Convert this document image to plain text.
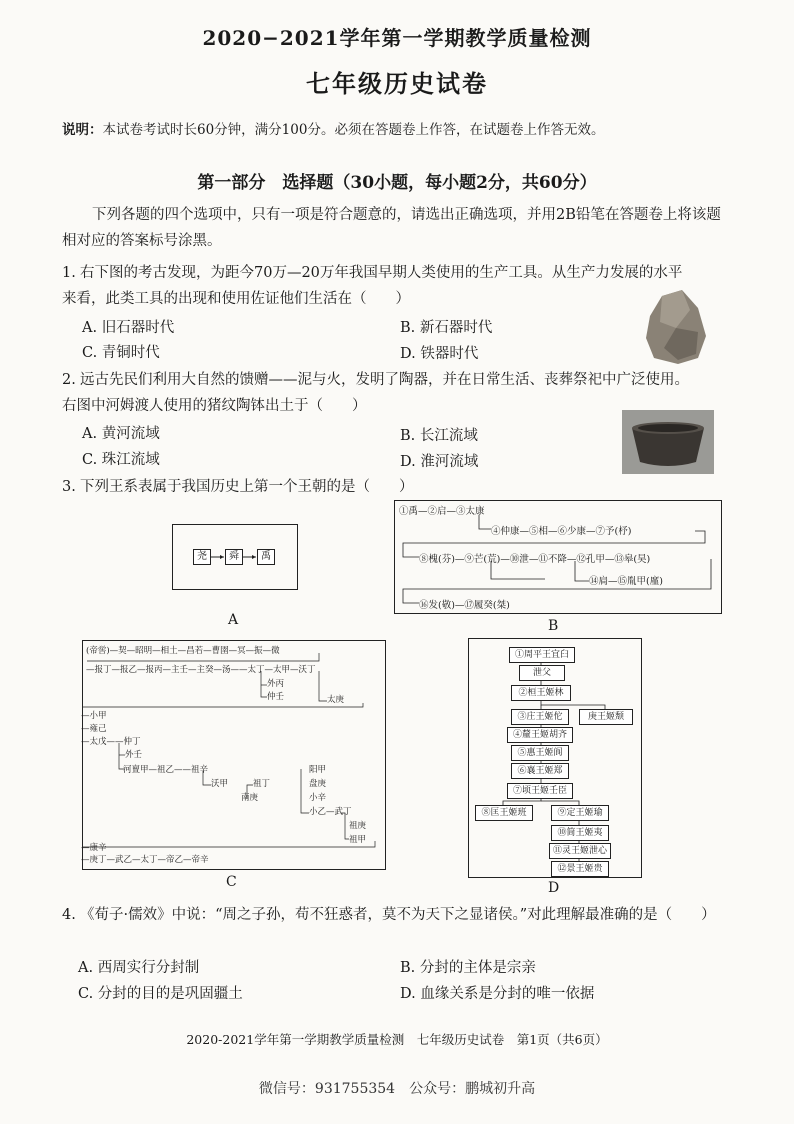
2020−2021学年第一学期教学质量检测
七年级历史试卷
说明：本试卷考试时长60分钟，满分100分。必须在答题卷上作答，在试题卷上作答无效。
第一部分　选择题（30小题，每小题2分，共60分）
下列各题的四个选项中，只有一项是符合题意的，请选出正确选项，并用2B铅笔在答题卷上将该题相对应的答案标号涂黑。
1. 右下图的考古发现，为距今70万—20万年我国早期人类使用的生产工具。从生产力发展的水平来看，此类工具的出现和使用佐证他们生活在（　　）
A. 旧石器时代	B. 新石器时代
C. 青铜时代	D. 铁器时代
2. 远古先民们利用大自然的馈赠——泥与火，发明了陶器，并在日常生活、丧葬祭祀中广泛使用。右图中河姆渡人使用的猪纹陶钵出土于（　　）
A. 黄河流域	B. 长江流域
C. 珠江流域	D. 淮河流域
3. 下列王系表属于我国历史上第一个王朝的是（　　）
尧	舜	禹
A
①禹—②启—③太康
④仲康—⑤相—⑥少康—⑦予(杼)
⑧槐(芬)—⑨芒(荒)—⑩泄—⑪不降—⑫孔甲—⑬皋(昊)
⑭扃—⑮胤甲(廑)
⑯发(敬)—⑰履癸(桀)
B
(帝喾)—契—昭明—相土—昌若—曹圉—冥—振—微
—报丁—报乙—报丙—主壬—主癸—汤——太丁—太甲—沃丁
外丙
仲壬	太庚
—小甲
—雍己
—太戊——仲丁
外壬
河亶甲—祖乙——祖辛
沃甲
阳甲
祖丁	盘庚
南庚	小辛
小乙—武丁
祖庚
祖甲
—康辛
—庚丁—武乙—太丁—帝乙—帝辛
C
①周平王宜臼
泄父
②桓王姬林
③庄王姬佗	庚王姬颓
④釐王姬胡齐
⑤惠王姬阆
⑥襄王姬郑
⑦顷王姬壬臣
⑧匡王姬班	⑨定王姬瑜
⑩简王姬夷
⑪灵王姬泄心
⑫景王姬贵
D
4. 《荀子·儒效》中说：“周之子孙，苟不狂惑者，莫不为天下之显诸侯。”对此理解最准确的是（　　）
A. 西周实行分封制	B. 分封的主体是宗亲
C. 分封的目的是巩固疆土	D. 血缘关系是分封的唯一依据
2020-2021学年第一学期教学质量检测　七年级历史试卷　第1页（共6页）
微信号：931755354　公众号：鹏城初升高
